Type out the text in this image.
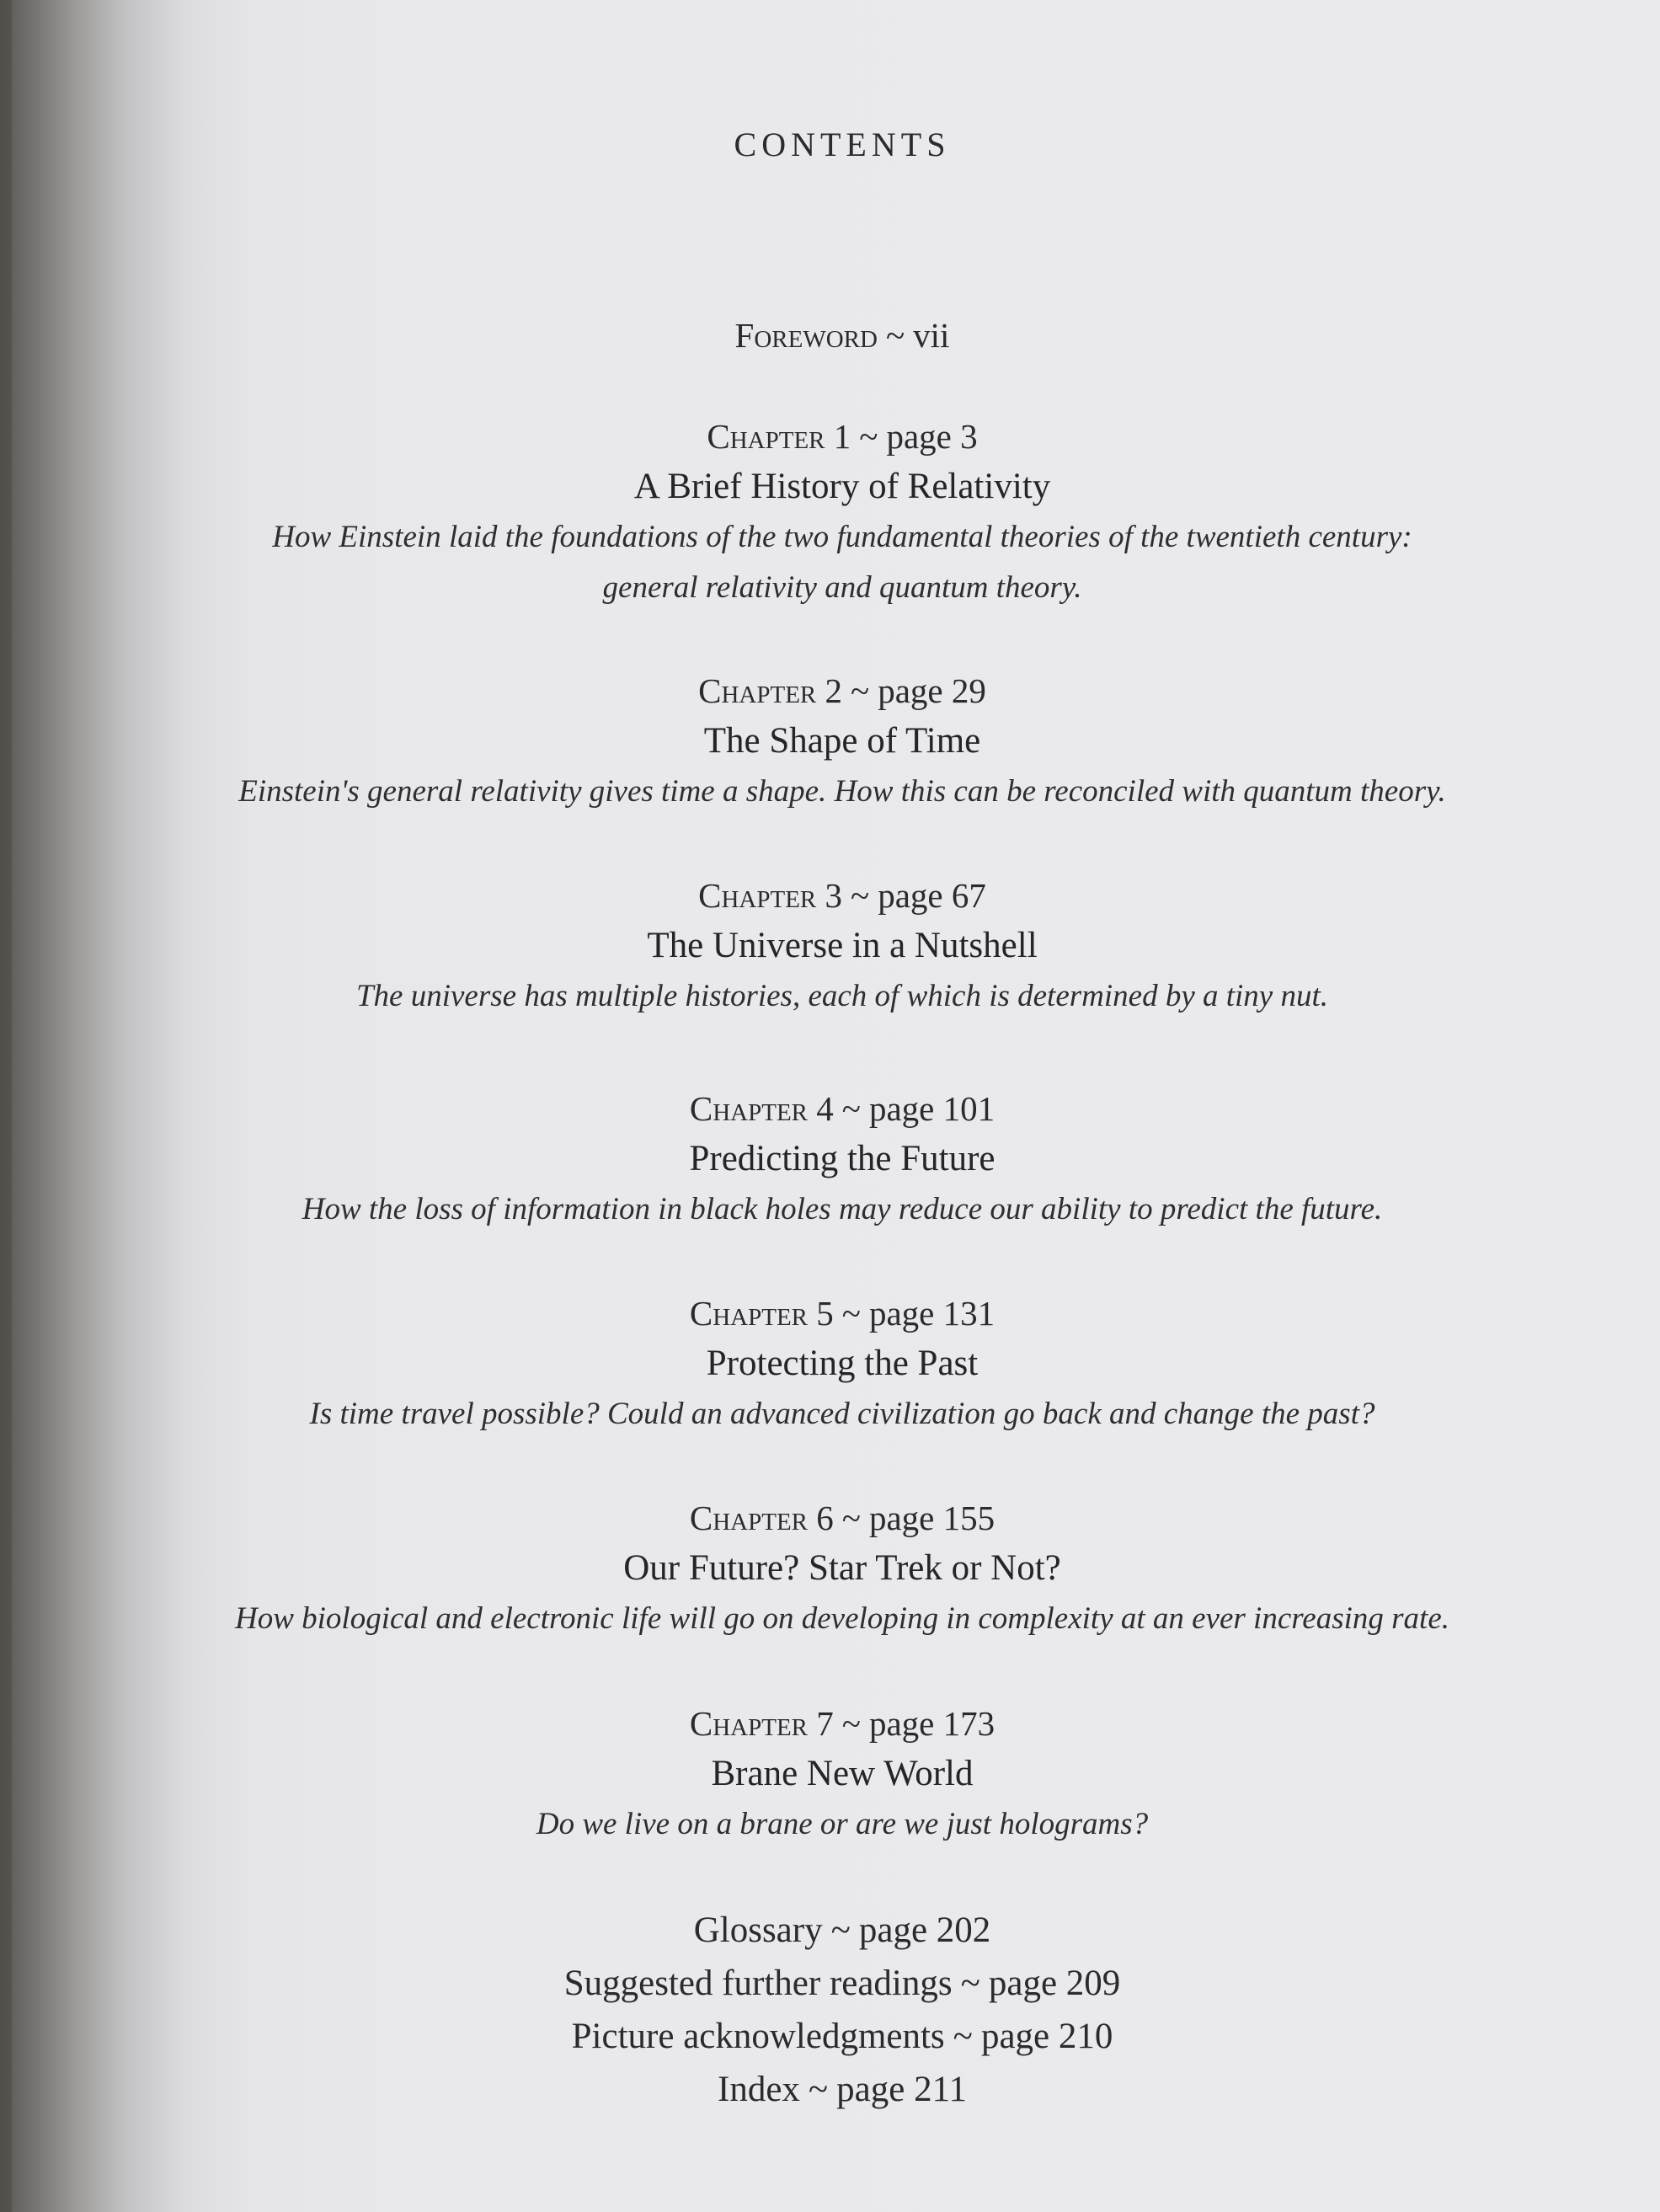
CONTENTS
Foreword ~ vii
Chapter 1 ~ page 3
A Brief History of Relativity
How Einstein laid the foundations of the two fundamental theories of the twentieth century:
general relativity and quantum theory.
Chapter 2 ~ page 29
The Shape of Time
Einstein's general relativity gives time a shape. How this can be reconciled with quantum theory.
Chapter 3 ~ page 67
The Universe in a Nutshell
The universe has multiple histories, each of which is determined by a tiny nut.
Chapter 4 ~ page 101
Predicting the Future
How the loss of information in black holes may reduce our ability to predict the future.
Chapter 5 ~ page 131
Protecting the Past
Is time travel possible? Could an advanced civilization go back and change the past?
Chapter 6 ~ page 155
Our Future? Star Trek or Not?
How biological and electronic life will go on developing in complexity at an ever increasing rate.
Chapter 7 ~ page 173
Brane New World
Do we live on a brane or are we just holograms?
Glossary ~ page 202
Suggested further readings ~ page 209
Picture acknowledgments ~ page 210
Index ~ page 211
